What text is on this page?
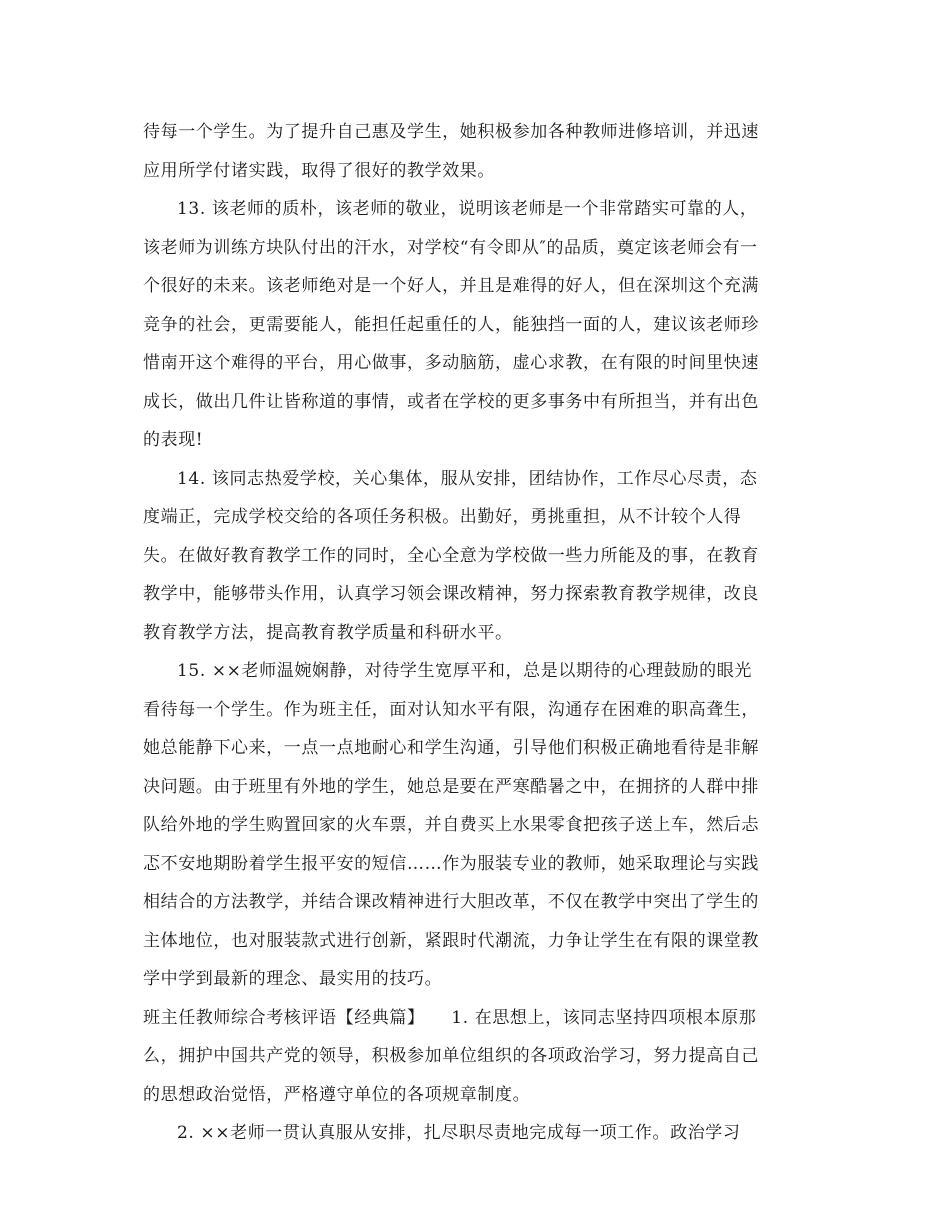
待每一个学生。为了提升自己惠及学生，她积极参加各种教师进修培训，并迅速
应用所学付诸实践，取得了很好的教学效果。
13. 该老师的质朴，该老师的敬业，说明该老师是一个非常踏实可靠的人，
该老师为训练方块队付出的汗水，对学校“有令即从″的品质，奠定该老师会有一
个很好的未来。该老师绝对是一个好人，并且是难得的好人，但在深圳这个充满
竞争的社会，更需要能人，能担任起重任的人，能独挡一面的人，建议该老师珍
惜南开这个难得的平台，用心做事，多动脑筋，虚心求教，在有限的时间里快速
成长，做出几件让皆称道的事情，或者在学校的更多事务中有所担当，并有出色
的表现!
14. 该同志热爱学校，关心集体，服从安排，团结协作，工作尽心尽责，态
度端正，完成学校交给的各项任务积极。出勤好，勇挑重担，从不计较个人得
失。在做好教育教学工作的同时，全心全意为学校做一些力所能及的事，在教育
教学中，能够带头作用，认真学习领会课改精神，努力探索教育教学规律，改良
教育教学方法，提高教育教学质量和科研水平。
15. ××老师温婉娴静，对待学生宽厚平和，总是以期待的心理鼓励的眼光
看待每一个学生。作为班主任，面对认知水平有限，沟通存在困难的职高聋生，
她总能静下心来，一点一点地耐心和学生沟通，引导他们积极正确地看待是非解
决问题。由于班里有外地的学生，她总是要在严寒酷暑之中，在拥挤的人群中排
队给外地的学生购置回家的火车票，并自费买上水果零食把孩子送上车，然后忐
忑不安地期盼着学生报平安的短信……作为服装专业的教师，她采取理论与实践
相结合的方法教学，并结合课改精神进行大胆改革，不仅在教学中突出了学生的
主体地位，也对服装款式进行创新，紧跟时代潮流，力争让学生在有限的课堂教
学中学到最新的理念、最实用的技巧。
班主任教师综合考核评语【经典篇】　　1. 在思想上，该同志坚持四项根本原那
么，拥护中国共产党的领导，积极参加单位组织的各项政治学习，努力提高自己
的思想政治觉悟，严格遵守单位的各项规章制度。
2. ××老师一贯认真服从安排，扎尽职尽责地完成每一项工作。政治学习
